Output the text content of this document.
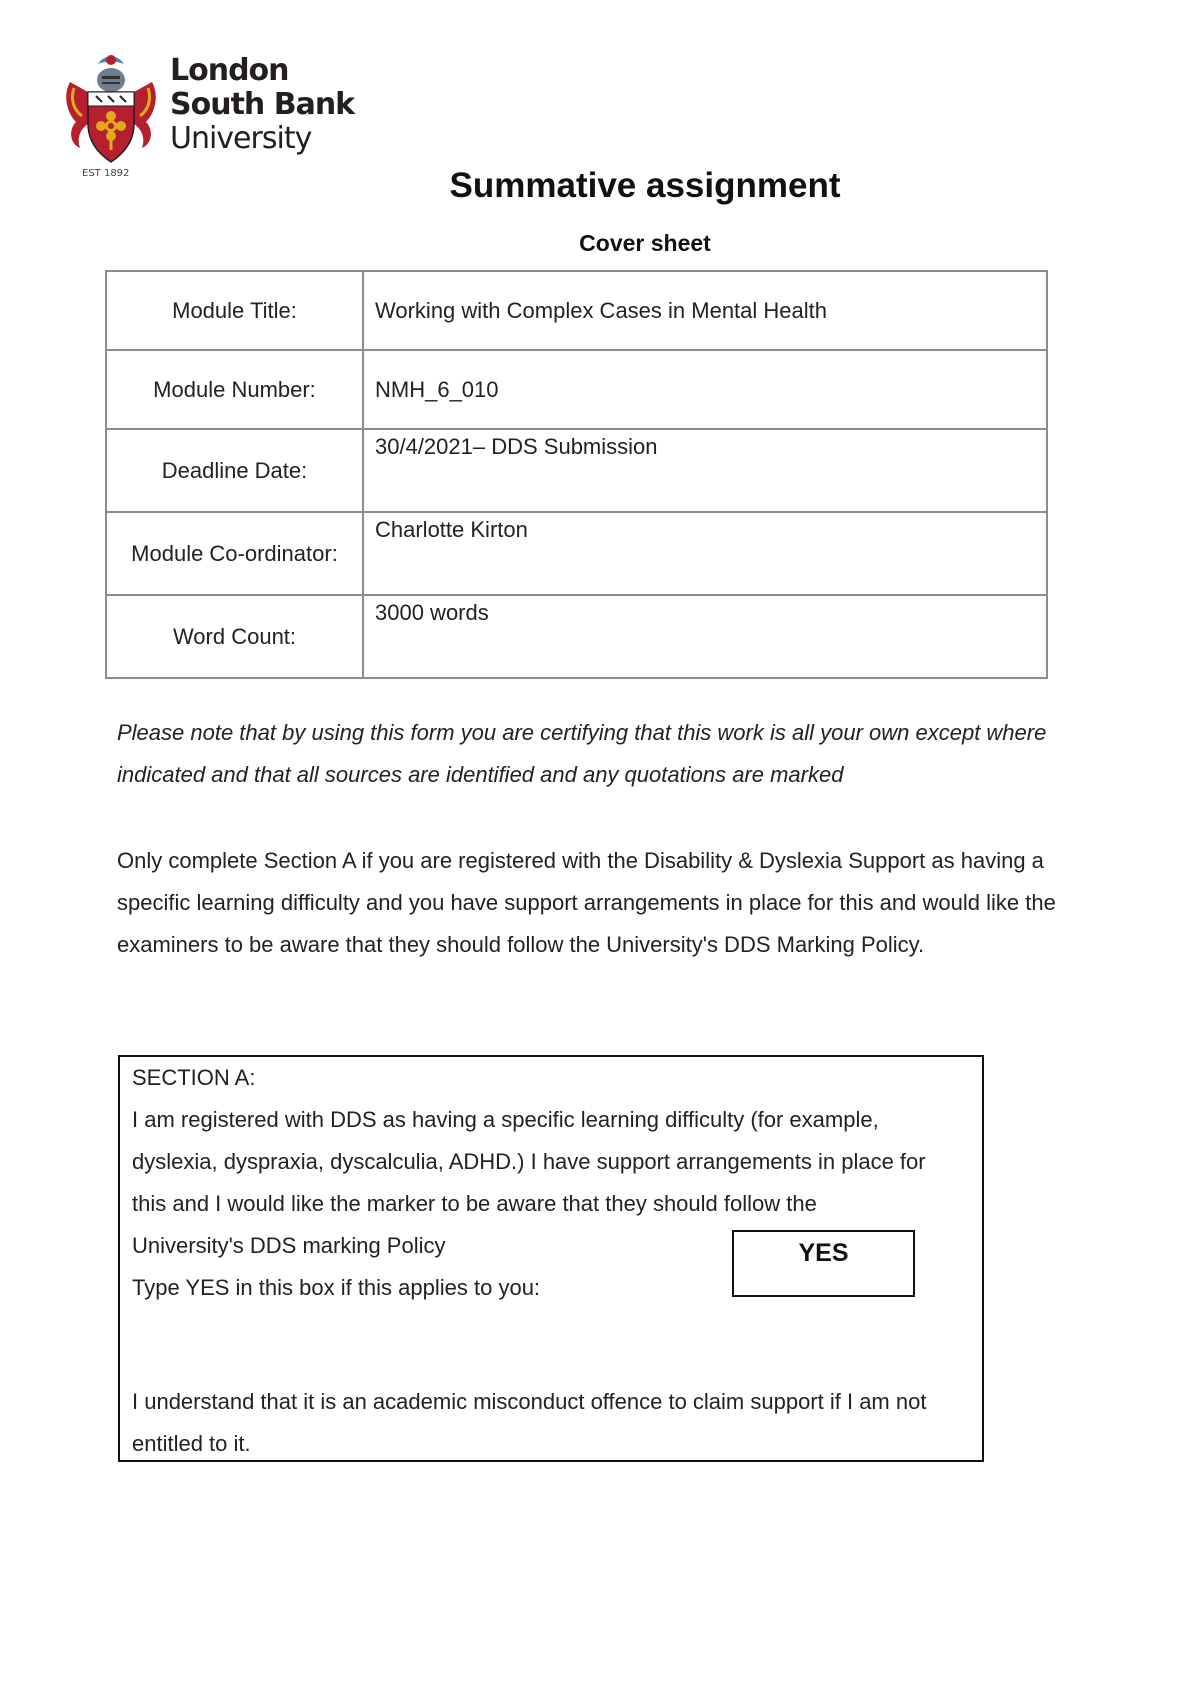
London
South Bank
University
EST 1892	Summative assignment
Cover sheet
Module Title:	Working with Complex Cases in Mental Health
Module Number:	NMH_6_010
Deadline Date:	30/4/2021– DDS Submission
Module Co-ordinator:	Charlotte Kirton
Word Count:	3000 words
Please note that by using this form you are certifying that this work is all your own except where indicated and that all sources are identified and any quotations are marked
Only complete Section A if you are registered with the Disability & Dyslexia Support as having a specific learning difficulty and you have support arrangements in place for this and would like the examiners to be aware that they should follow the University's DDS Marking Policy.

SECTION A:

I am registered with DDS as having a specific learning difficulty (for example, dyslexia, dyspraxia, dyscalculia, ADHD.) I have support arrangements in place for this and I would like the marker to be aware that they should follow the University's DDS marking Policy

Type YES in this box if this applies to you:

YES
I understand that it is an academic misconduct offence to claim support if I am not entitled to it.
